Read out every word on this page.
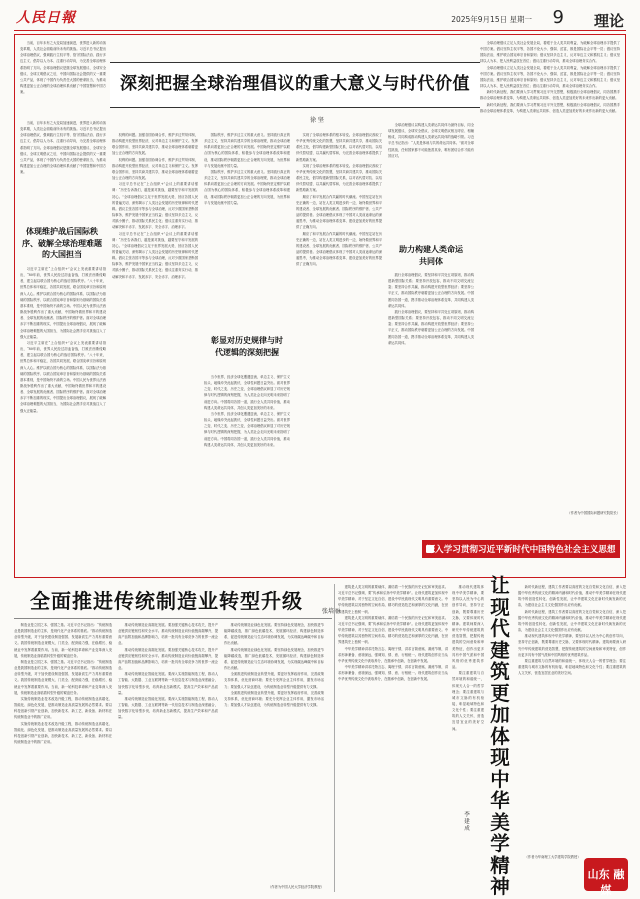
人民日報	2025年9月15日 星期一 9 理论
深刻把握全球治理倡议的重大意义与时代价值
徐 坚

当前，百年未有之大变局加速演进，世界进入新的动荡变革期，人类社会面临前所未有的挑战。习近平总书记提出全球治理倡议，强调践行主权平等、恪守国际法治、践行多边主义、倡导以人为本、注重行动导向，为完善全球治理体系指明了方向。全球治理倡议是继全球发展倡议、全球安全倡议、全球文明倡议之后，中国向国际社会提供的又一重要公共产品，体现了中国作为负责任大国的使命担当，为推动构建更加公正合理的全球治理体系贡献了中国智慧和中国方案。

体现维护战后国际秩序、破解全球治理难题的大国担当

当前，百年未有之大变局加速演进，世界进入新的动荡变革期，人类社会面临前所未有的挑战。习近平总书记提出全球治理倡议，强调践行主权平等、恪守国际法治、践行多边主义、倡导以人为本、注重行动导向，为完善全球治理体系指明了方向。全球治理倡议是继全球发展倡议、全球安全倡议、全球文明倡议之后，中国向国际社会提供的又一重要公共产品，体现了中国作为负责任大国的使命担当，为推动构建更加公正合理的全球治理体系贡献了中国智慧和中国方案。

习近平主席在“上合组织+”会议上发表重要讲话指出，“80年前，世界人民经过浴血奋战，打败法西斯侵略者，建立起以联合国为核心的战后国际秩序。”八十年来，世界总体和平稳定，各国共同发展，联合国宪章宗旨和原则深入人心。维护以联合国为核心的国际体系、以国际法为基础的国际秩序、以联合国宪章宗旨和原则为基础的国际关系基本准则，是中国始终不渝的立场。中国人民为世界反法西斯战争胜利作出了重大贡献，中国始终做世界和平的建设者、全球发展的贡献者、国际秩序的维护者。面对全球治理赤字不断加重的现实，中国提出全球治理倡议，展现了破解全球治理难题的大国担当，为国际社会携手应对挑战注入了强大正能量。

习近平主席在“上合组织+”会议上发表重要讲话指出，“80年前，世界人民经过浴血奋战，打败法西斯侵略者，建立起以联合国为核心的战后国际秩序。”八十年来，世界总体和平稳定，各国共同发展，联合国宪章宗旨和原则深入人心。维护以联合国为核心的国际体系、以国际法为基础的国际秩序、以联合国宪章宗旨和原则为基础的国际关系基本准则，是中国始终不渝的立场。中国人民为世界反法西斯战争胜利作出了重大贡献，中国始终做世界和平的建设者、全球发展的贡献者、国际秩序的维护者。面对全球治理赤字不断加重的现实，中国提出全球治理倡议，展现了破解全球治理难题的大国担当，为国际社会携手应对挑战注入了强大正能量。

权利的问题。加强各国协调合作，维护多边贸易体制，推动构建开放型世界经济，反对单边主义和保护主义。发挥联合国作用，坚持共商共建共享，推动全球治理体系朝着更加公正合理的方向发展。

权利的问题。加强各国协调合作，维护多边贸易体制，推动构建开放型世界经济，反对单边主义和保护主义。发挥联合国作用，坚持共商共建共享，推动全球治理体系朝着更加公正合理的方向发展。

习近平总书记在“上合组织+”会议上的重要讲话强调：“历史告诉我们，越是面对挑战，越要坚守和平发展的初心。”全球治理倡议立足于世界发展大势，回应各国人民的普遍关切，深刻揭示了人类社会发展的历史规律和时代逻辑。倡议主张各国平等参与全球治理，反对少数国家垄断国际事务，维护发展中国家正当权益；倡议坚持多边主义，反对搞小圈子，推动国际关系民主化；倡议注重务实行动，推动解决和平赤字、发展赤字、安全赤字、治理赤字。

习近平总书记在“上合组织+”会议上的重要讲话强调：“历史告诉我们，越是面对挑战，越要坚守和平发展的初心。”全球治理倡议立足于世界发展大势，回应各国人民的普遍关切，深刻揭示了人类社会发展的历史规律和时代逻辑。倡议主张各国平等参与全球治理，反对少数国家垄断国际事务，维护发展中国家正当权益；倡议坚持多边主义，反对搞小圈子，推动国际关系民主化；倡议注重务实行动，推动解决和平赤字、发展赤字、安全赤字、治理赤字。

国际秩序，维护多边主义的重大意义。坚持践行真正的多边主义，坚持共商共建共享的全球治理观，推动全球治理体系向着更加公正合理的方向发展。中国始终坚定维护以联合国为核心的国际体系，积极参与全球治理体系改革和建设，推动国际秩序朝着更加公正合理的方向发展，为世界和平与发展贡献中国力量。

国际秩序，维护多边主义的重大意义。坚持践行真正的多边主义，坚持共商共建共享的全球治理观，推动全球治理体系向着更加公正合理的方向发展。中国始终坚定维护以联合国为核心的国际体系，积极参与全球治理体系改革和建设，推动国际秩序朝着更加公正合理的方向发展，为世界和平与发展贡献中国力量。

彰显对历史规律与时代逻辑的深刻把握

当今世界，经济全球化遭遇逆流，单边主义、保护主义抬头，地缘冲突此起彼伏，全球性问题日益突出。面对世界之变、时代之变、历史之变，全球治理倡议彰显了对历史规律与时代逻辑的深刻把握，为人类社会走向光明未来指明了前进方向。中国将同各国一道，践行全人类共同价值，推动构建人类命运共同体，共创人类更加美好的未来。

当今世界，经济全球化遭遇逆流，单边主义、保护主义抬头，地缘冲突此起彼伏，全球性问题日益突出。面对世界之变、时代之变、历史之变，全球治理倡议彰显了对历史规律与时代逻辑的深刻把握，为人类社会走向光明未来指明了前进方向。中国将同各国一道，践行全人类共同价值，推动构建人类命运共同体，共创人类更加美好的未来。

实现了全球治理体系的根本转变。全球治理倡议汲取了中华优秀传统文化的智慧，坚持共商共建共享，推动国际关系民主化，倡导构建新型国际关系，以对话代替对抗、以结伴代替结盟、以共赢代替零和，为完善全球治理体系提供了新思路新方案。

实现了全球治理体系的根本转变。全球治理倡议汲取了中华优秀传统文化的智慧，坚持共商共建共享，推动国际关系民主化，倡导构建新型国际关系，以对话代替对抗、以结伴代替结盟、以共赢代替零和，为完善全球治理体系提供了新思路新方案。

顺应了和平发展合作共赢的时代潮流。中国坚定站在历史正确的一边，站在人类文明进步的一边，始终做世界和平的建设者、全球发展的贡献者、国际秩序的维护者、公共产品的提供者。全球治理倡议体现了中国对人类前途命运的深邃思考，为推动全球治理体系变革、建设更加美好的世界提供了正确方向。

顺应了和平发展合作共赢的时代潮流。中国坚定站在历史正确的一边，站在人类文明进步的一边，始终做世界和平的建设者、全球发展的贡献者、国际秩序的维护者、公共产品的提供者。全球治理倡议体现了中国对人类前途命运的深邃思考，为推动全球治理体系变革、建设更加美好的世界提供了正确方向。

全球治理倡议以构建人类命运共同体为最终目标，同全球发展倡议、全球安全倡议、全球文明倡议相互呼应、相辅相成，共同构成推动构建人类命运共同体的战略引领。习近平总书记指出：“人类是休戚与共的命运共同体。”面对全球性挑战，任何国家都不可能独善其身，唯有团结合作才能有效应对。

助力构建人类命运共同体

践行全球治理倡议，要坚持和平共处五项原则，推动构建新型国际关系；要坚持开放包容，推动不同文明交流互鉴；要坚持合作共赢，推动构建开放型世界经济；要坚持公平正义，推动国际秩序朝着更加公正合理的方向发展。中国愿同各国一道，携手推动全球治理体系变革，共同构建人类命运共同体。

践行全球治理倡议，要坚持和平共处五项原则，推动构建新型国际关系；要坚持开放包容，推动不同文明交流互鉴；要坚持合作共赢，推动构建开放型世界经济；要坚持公平正义，推动国际秩序朝着更加公正合理的方向发展。中国愿同各国一道，携手推动全球治理体系变革，共同构建人类命运共同体。

全球治理倡议立足人类社会发展全局，着眼于全人类共同利益，为破解全球治理赤字提供了中国方案。倡议坚持主权平等，各国不论大小、强弱、贫富，都是国际社会平等一员；倡议坚持国际法治，维护联合国宪章宗旨和原则；倡议坚持多边主义，反对单边主义和霸权主义；倡议坚持以人为本，把人民利益放在首位；倡议注重行动导向，推动全球治理务实合作。

全球治理倡议立足人类社会发展全局，着眼于全人类共同利益，为破解全球治理赤字提供了中国方案。倡议坚持主权平等，各国不论大小、强弱、贫富，都是国际社会平等一员；倡议坚持国际法治，维护联合国宪章宗旨和原则；倡议坚持多边主义，反对单边主义和霸权主义；倡议坚持以人为本，把人民利益放在首位；倡议注重行动导向，推动全球治理务实合作。

新时代新征程，我们要深入学习贯彻习近平外交思想，积极践行全球治理倡议，同各国携手推动全球治理体系变革，为构建人类命运共同体、创造人类更加美好的未来作出新的更大贡献。

新时代新征程，我们要深入学习贯彻习近平外交思想，积极践行全球治理倡议，同各国携手推动全球治理体系变革，为构建人类命运共同体、创造人类更加美好的未来作出新的更大贡献。

（作者为中国国际问题研究院院长）
深入学习贯彻习近平新时代中国特色社会主义思想
全面推进传统制造业转型升级	张培丽

制造业是立国之本、强国之基。习近平总书记指出：“传统制造业是我国制造业的主体，是现代化产业体系的基底。”推动传统制造业转型升级，对于加快建设制造强国、发展新质生产力具有重要意义。我国传统制造业规模大、门类全、配套能力强，在稳增长、稳就业中发挥着重要作用。当前，新一轮科技革命和产业变革深入发展，传统制造业面临着转型升级的紧迫任务。

制造业是立国之本、强国之基。习近平总书记指出：“传统制造业是我国制造业的主体，是现代化产业体系的基底。”推动传统制造业转型升级，对于加快建设制造强国、发展新质生产力具有重要意义。我国传统制造业规模大、门类全、配套能力强，在稳增长、稳就业中发挥着重要作用。当前，新一轮科技革命和产业变革深入发展，传统制造业面临着转型升级的紧迫任务。

实施传统制造业技术改造升级工程，推动传统制造业高端化、智能化、绿色化发展，是推动制造业高质量发展的必然要求。要以科技创新引领产业创新，加快新技术、新工艺、新设备、新材料在传统制造业中的推广应用。

实施传统制造业技术改造升级工程，推动传统制造业高端化、智能化、绿色化发展，是推动制造业高质量发展的必然要求。要以科技创新引领产业创新，加快新技术、新工艺、新设备、新材料在传统制造业中的推广应用。

推动传统制造业高端化发展。要加强关键核心技术攻关，提升产业链供应链韧性和安全水平。推动传统制造业向价值链高端攀升，提高产品附加值和品牌影响力，培育一批具有全球竞争力的世界一流企业。

推动传统制造业高端化发展。要加强关键核心技术攻关，提升产业链供应链韧性和安全水平。推动传统制造业向价值链高端攀升，提高产品附加值和品牌影响力，培育一批具有全球竞争力的世界一流企业。

推动传统制造业智能化发展。要深入实施智能制造工程，推动人工智能、大数据、工业互联网等新一代信息技术与制造业深度融合，加快数字化转型步伐，培育新业态新模式，提高生产效率和产品质量。

推动传统制造业智能化发展。要深入实施智能制造工程，推动人工智能、大数据、工业互联网等新一代信息技术与制造业深度融合，加快数字化转型步伐，培育新业态新模式，提高生产效率和产品质量。

推动传统制造业绿色化发展。要坚持绿色发展理念，加快推进节能降碳改造，推广绿色低碳技术，发展循环经济，构建绿色制造体系，促进传统制造业与生态环境协调发展，为实现碳达峰碳中和目标作出贡献。

推动传统制造业绿色化发展。要坚持绿色发展理念，加快推进节能降碳改造，推广绿色低碳技术，发展循环经济，构建绿色制造体系，促进传统制造业与生态环境协调发展，为实现碳达峰碳中和目标作出贡献。

全面推进传统制造业转型升级，要更好发挥政府作用，完善政策支持体系，优化营商环境；要充分发挥企业主体作用，激发市场活力；要加强人才队伍建设，为传统制造业转型升级提供有力支撑。

全面推进传统制造业转型升级，要更好发挥政府作用，完善政策支持体系，优化营商环境；要充分发挥企业主体作用，激发市场活力；要加强人才队伍建设，为传统制造业转型升级提供有力支撑。

（作者为中国人民大学经济学院教授）

建筑是人类文明的重要载体，凝结着一个民族的历史记忆和审美追求。习近平总书记强调，要“传承和弘扬中华美学精神”。让现代建筑更加体现中华美学精神，对于坚定文化自信、建设中华民族现代文明具有重要意义。中华传统建筑以其独特的空间布局、精巧的营造技艺和深厚的文化内涵，在世界建筑史上独树一帜。

建筑是人类文明的重要载体，凝结着一个民族的历史记忆和审美追求。习近平总书记强调，要“传承和弘扬中华美学精神”。让现代建筑更加体现中华美学精神，对于坚定文化自信、建设中华民族现代文明具有重要意义。中华传统建筑以其独特的空间布局、精巧的营造技艺和深厚的文化内涵，在世界建筑史上独树一帜。

中华美学精神讲求托物言志、寓理于情，讲求言简意赅、凝练节制，讲求形神兼备、意境深远，强调知、情、意、行相统一。现代建筑创作应当从中华优秀传统文化中汲取养分，在继承中创新，在创新中发展。

中华美学精神讲求托物言志、寓理于情，讲求言简意赅、凝练节制，讲求形神兼备、意境深远，强调知、情、意、行相统一。现代建筑创作应当从中华优秀传统文化中汲取养分，在继承中创新，在创新中发展。

推动现代建筑体现中华美学精神，要坚持以人民为中心的创作导向，坚持守正创新，既要尊重历史文脉，又要体现时代精神。建筑师要深入研究中华传统建筑的营造智慧，把握传统建筑的空间意象和审美特征，创作出更多具有中国气派和中国风格的优秀建筑作品。

要注重建筑与自然环境的和谐统一，体现天人合一的哲学理念；要注重建筑与城市文脉的有机衔接，彰显地域特色和文化个性；要注重建筑的人文关怀，营造宜居宜业的美好空间。

让现代建筑更加体现中华美学精神
李 建 成

新时代新征程，建筑工作者要以高度的文化自觉和文化自信，深入挖掘中华优秀传统文化的精神内涵和时代价值，推动中华美学精神在现代建筑中的创造性转化、创新性发展，让中华建筑文化在新时代焕发新的光彩，为建设社会主义文化强国作出应有贡献。

新时代新征程，建筑工作者要以高度的文化自觉和文化自信，深入挖掘中华优秀传统文化的精神内涵和时代价值，推动中华美学精神在现代建筑中的创造性转化、创新性发展，让中华建筑文化在新时代焕发新的光彩，为建设社会主义文化强国作出应有贡献。

推动现代建筑体现中华美学精神，要坚持以人民为中心的创作导向，坚持守正创新，既要尊重历史文脉，又要体现时代精神。建筑师要深入研究中华传统建筑的营造智慧，把握传统建筑的空间意象和审美特征，创作出更多具有中国气派和中国风格的优秀建筑作品。

要注重建筑与自然环境的和谐统一，体现天人合一的哲学理念；要注重建筑与城市文脉的有机衔接，彰显地域特色和文化个性；要注重建筑的人文关怀，营造宜居宜业的美好空间。

（作者为华南理工大学建筑学院教授）

山东 融媒
